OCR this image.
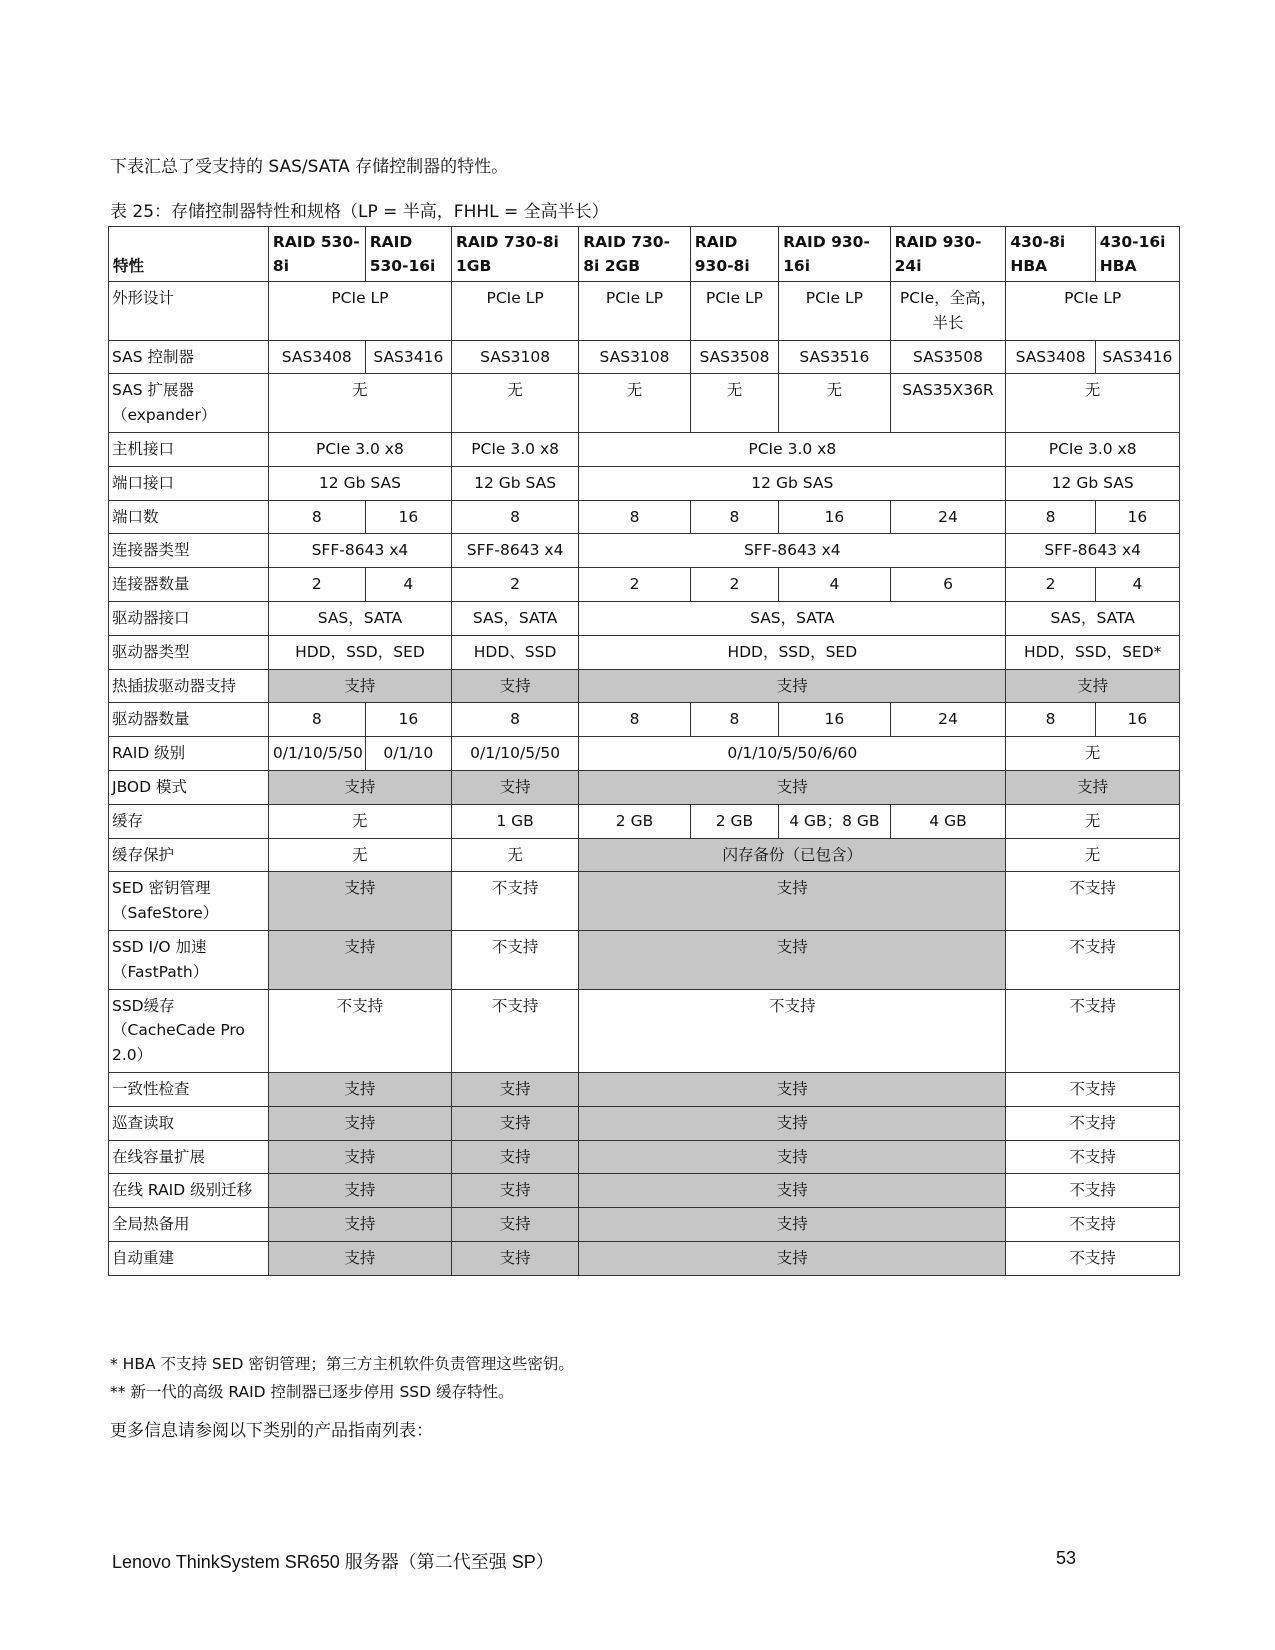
下表汇总了受支持的 SAS/SATA 存储控制器的特性。
表 25：存储控制器特性和规格（LP = 半高，FHHL = 全高半长）
特性	RAID 530-8i	RAID 530-16i	RAID 730-8i 1GB	RAID 730-8i 2GB	RAID 930-8i	RAID 930-16i	RAID 930-24i	430-8i HBA	430-16i HBA
外形设计	PCIe LP		PCIe LP	PCIe LP	PCIe LP	PCIe LP	PCIe，全高，半长	PCIe LP	
SAS 控制器	SAS3408	SAS3416	SAS3108	SAS3108	SAS3508	SAS3516	SAS3508	SAS3408	SAS3416
SAS 扩展器（expander）	无		无	无	无	无	SAS35X36R	无	
主机接口	PCIe 3.0 x8		PCIe 3.0 x8	PCIe 3.0 x8				PCIe 3.0 x8	
端口接口	12 Gb SAS		12 Gb SAS	12 Gb SAS				12 Gb SAS	
端口数	8	16	8	8	8	16	24	8	16
连接器类型	SFF-8643 x4		SFF-8643 x4	SFF-8643 x4				SFF-8643 x4	
连接器数量	2	4	2	2	2	4	6	2	4
驱动器接口	SAS，SATA		SAS，SATA	SAS，SATA				SAS，SATA	
驱动器类型	HDD，SSD，SED		HDD、SSD	HDD，SSD，SED				HDD，SSD，SED*	
热插拔驱动器支持	支持		支持	支持				支持	
驱动器数量	8	16	8	8	8	16	24	8	16
RAID 级别	0/1/10/5/50	0/1/10	0/1/10/5/50	0/1/10/5/50/6/60				无	
JBOD 模式	支持		支持	支持				支持	
缓存	无		1 GB	2 GB	2 GB	4 GB；8 GB	4 GB	无	
缓存保护	无		无	闪存备份（已包含）				无	
SED 密钥管理（SafeStore）	支持		不支持	支持				不支持	
SSD I/O 加速（FastPath）	支持		不支持	支持				不支持	
SSD缓存（CacheCade Pro 2.0）	不支持		不支持	不支持				不支持	
一致性检查	支持		支持	支持				不支持	
巡查读取	支持		支持	支持				不支持	
在线容量扩展	支持		支持	支持				不支持	
在线 RAID 级别迁移	支持		支持	支持				不支持	
全局热备用	支持		支持	支持				不支持	
自动重建	支持		支持	支持				不支持	
* HBA 不支持 SED 密钥管理；第三方主机软件负责管理这些密钥。
** 新一代的高级 RAID 控制器已逐步停用 SSD 缓存特性。
更多信息请参阅以下类别的产品指南列表：
Lenovo ThinkSystem SR650 服务器（第二代至强 SP）	53
